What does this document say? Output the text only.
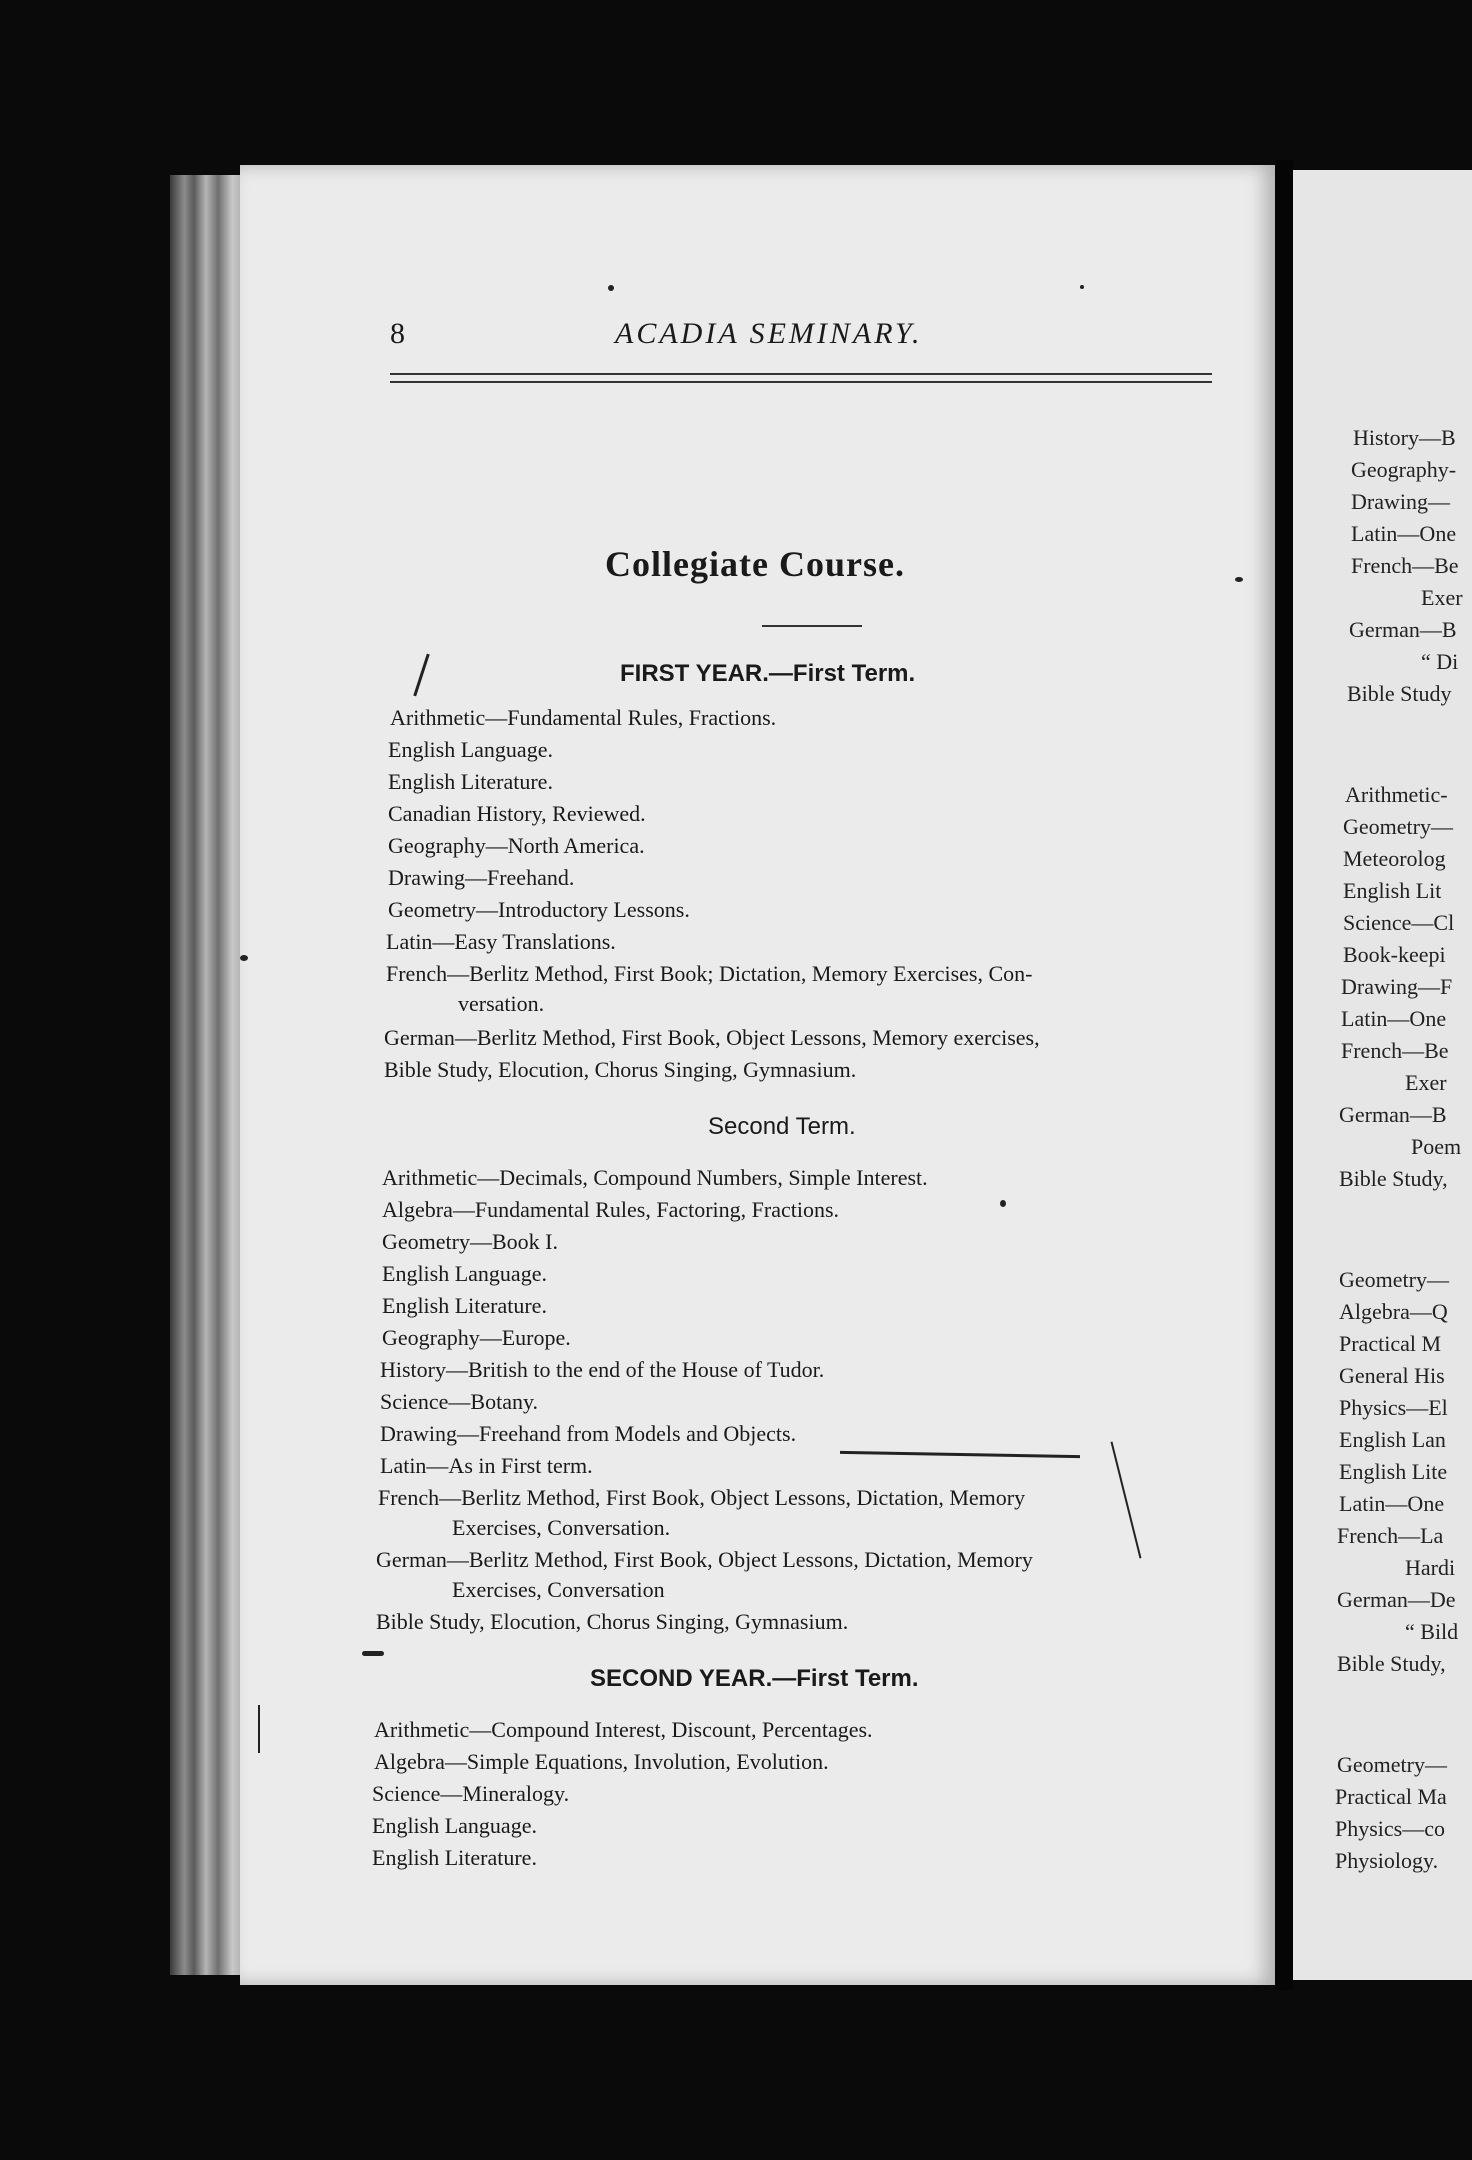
8	ACADIA SEMINARY.
Collegiate Course.
FIRST YEAR.—First Term.
Arithmetic—Fundamental Rules, Fractions.
English Language.
English Literature.
Canadian History, Reviewed.
Geography—North America.
Drawing—Freehand.
Geometry—Introductory Lessons.
Latin—Easy Translations.
French—Berlitz Method, First Book; Dictation, Memory Exercises, Con-
versation.
German—Berlitz Method, First Book, Object Lessons, Memory exercises,
Bible Study, Elocution, Chorus Singing, Gymnasium.
Second Term.
Arithmetic—Decimals, Compound Numbers, Simple Interest.
Algebra—Fundamental Rules, Factoring, Fractions.
Geometry—Book I.
English Language.
English Literature.
Geography—Europe.
History—British to the end of the House of Tudor.
Science—Botany.
Drawing—Freehand from Models and Objects.
Latin—As in First term.
French—Berlitz Method, First Book, Object Lessons, Dictation, Memory
Exercises, Conversation.
German—Berlitz Method, First Book, Object Lessons, Dictation, Memory
Exercises, Conversation
Bible Study, Elocution, Chorus Singing, Gymnasium.
SECOND YEAR.—First Term.
Arithmetic—Compound Interest, Discount, Percentages.
Algebra—Simple Equations, Involution, Evolution.
Science—Mineralogy.
English Language.
English Literature.
History—B
Geography-
Drawing—
Latin—One
French—Be
Exer
German—B
“ Di
Bible Study
Arithmetic-
Geometry—
Meteorolog
English Lit
Science—Cl
Book-keepi
Drawing—F
Latin—One
French—Be
Exer
German—B
Poem
Bible Study,
Geometry—
Algebra—Q
Practical M
General His
Physics—El
English Lan
English Lite
Latin—One
French—La
Hardi
German—De
“ Bild
Bible Study,
Geometry—
Practical Ma
Physics—co
Physiology.
